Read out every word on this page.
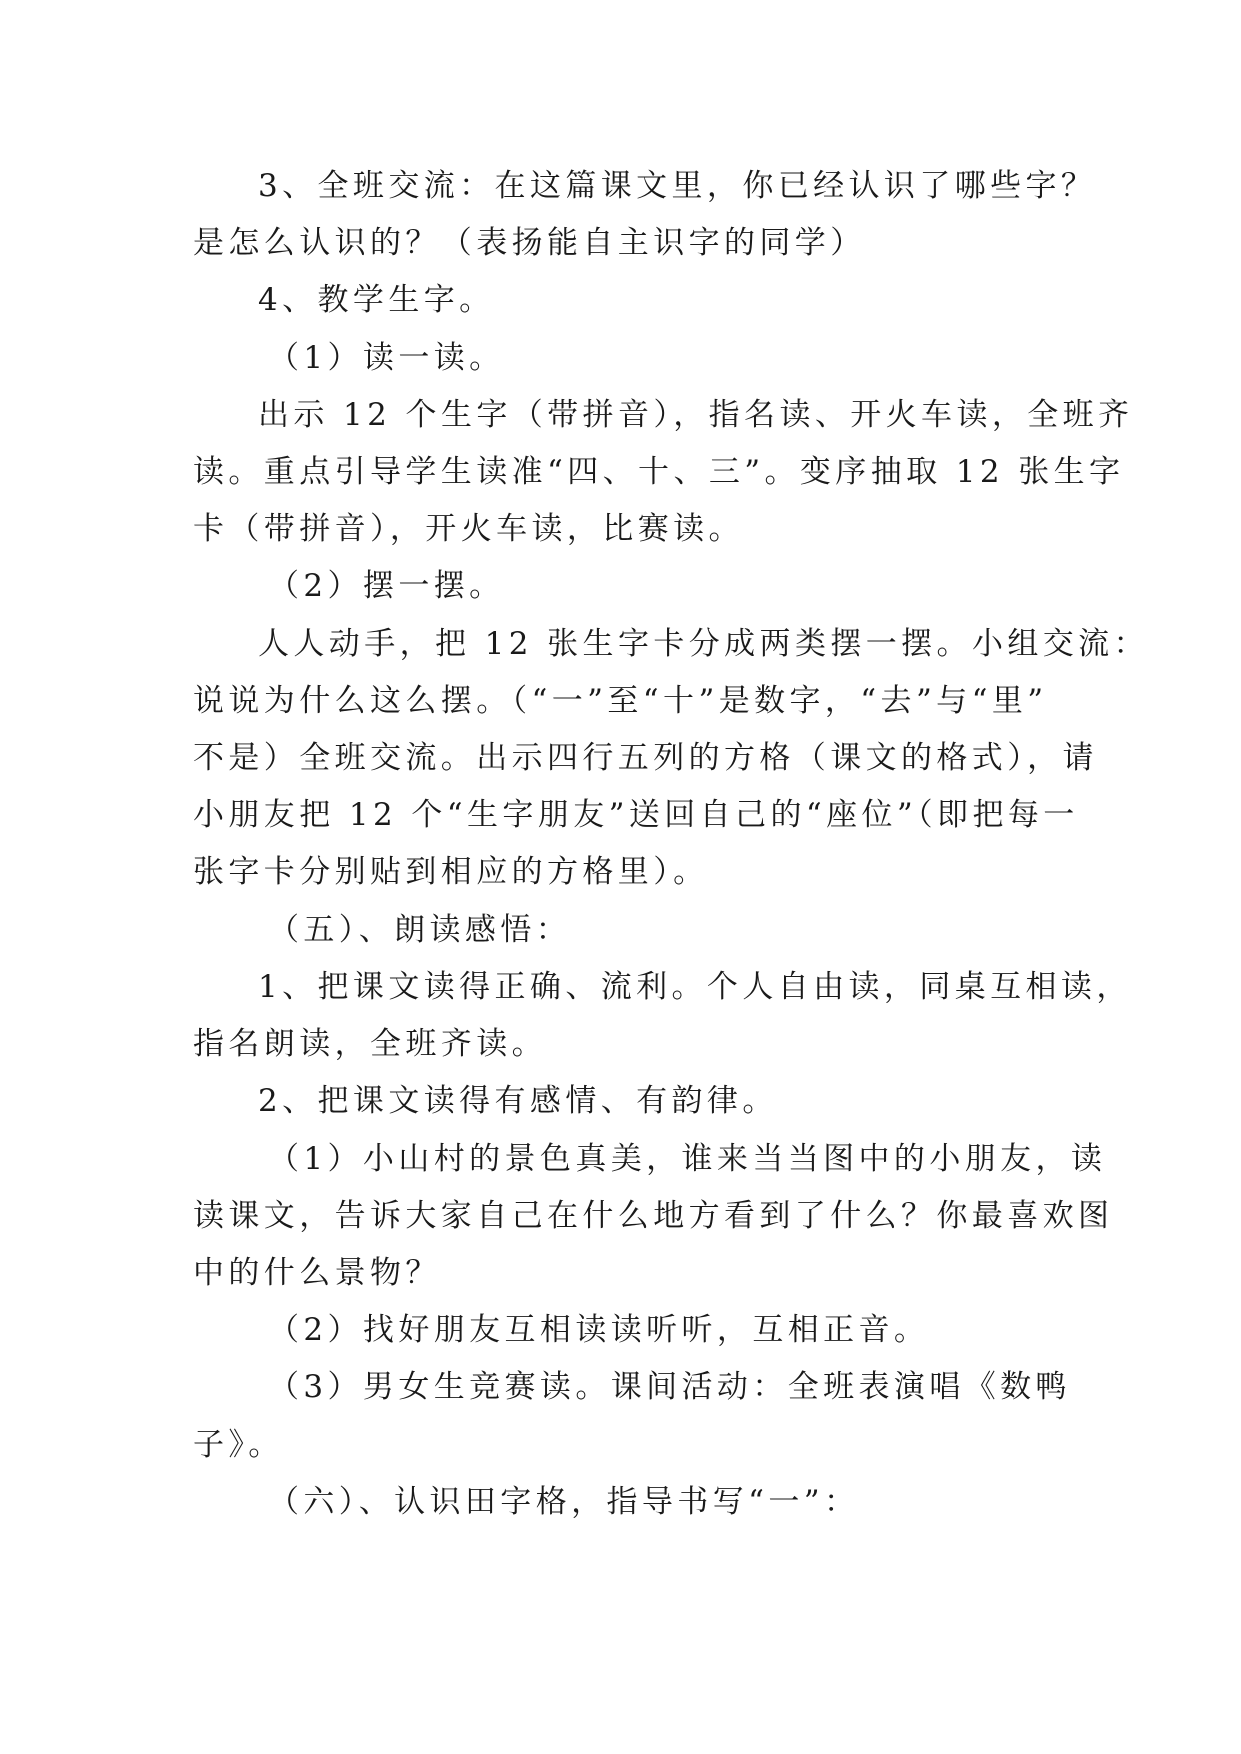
3、全班交流：在这篇课文里，你已经认识了哪些字？
是怎么认识的？（表扬能自主识字的同学）
4、教学生字。
（1）读一读。
出示 12 个生字（带拼音），指名读、开火车读，全班齐
读。重点引导学生读准“四、十、三”。变序抽取 12 张生字
卡（带拼音），开火车读，比赛读。
（2）摆一摆。
人人动手，把 12 张生字卡分成两类摆一摆。小组交流：
说说为什么这么摆。（“一”至“十”是数字，“去”与“里”
不是）全班交流。出示四行五列的方格（课文的格式），请
小朋友把 12 个“生字朋友”送回自己的“座位”（即把每一
张字卡分别贴到相应的方格里）。
（五）、朗读感悟：
1、把课文读得正确、流利。个人自由读，同桌互相读，
指名朗读，全班齐读。
2、把课文读得有感情、有韵律。
（1）小山村的景色真美，谁来当当图中的小朋友，读
读课文，告诉大家自己在什么地方看到了什么？你最喜欢图
中的什么景物？
（2）找好朋友互相读读听听，互相正音。
（3）男女生竞赛读。课间活动：全班表演唱《数鸭
子》。
（六）、认识田字格，指导书写“一”：
